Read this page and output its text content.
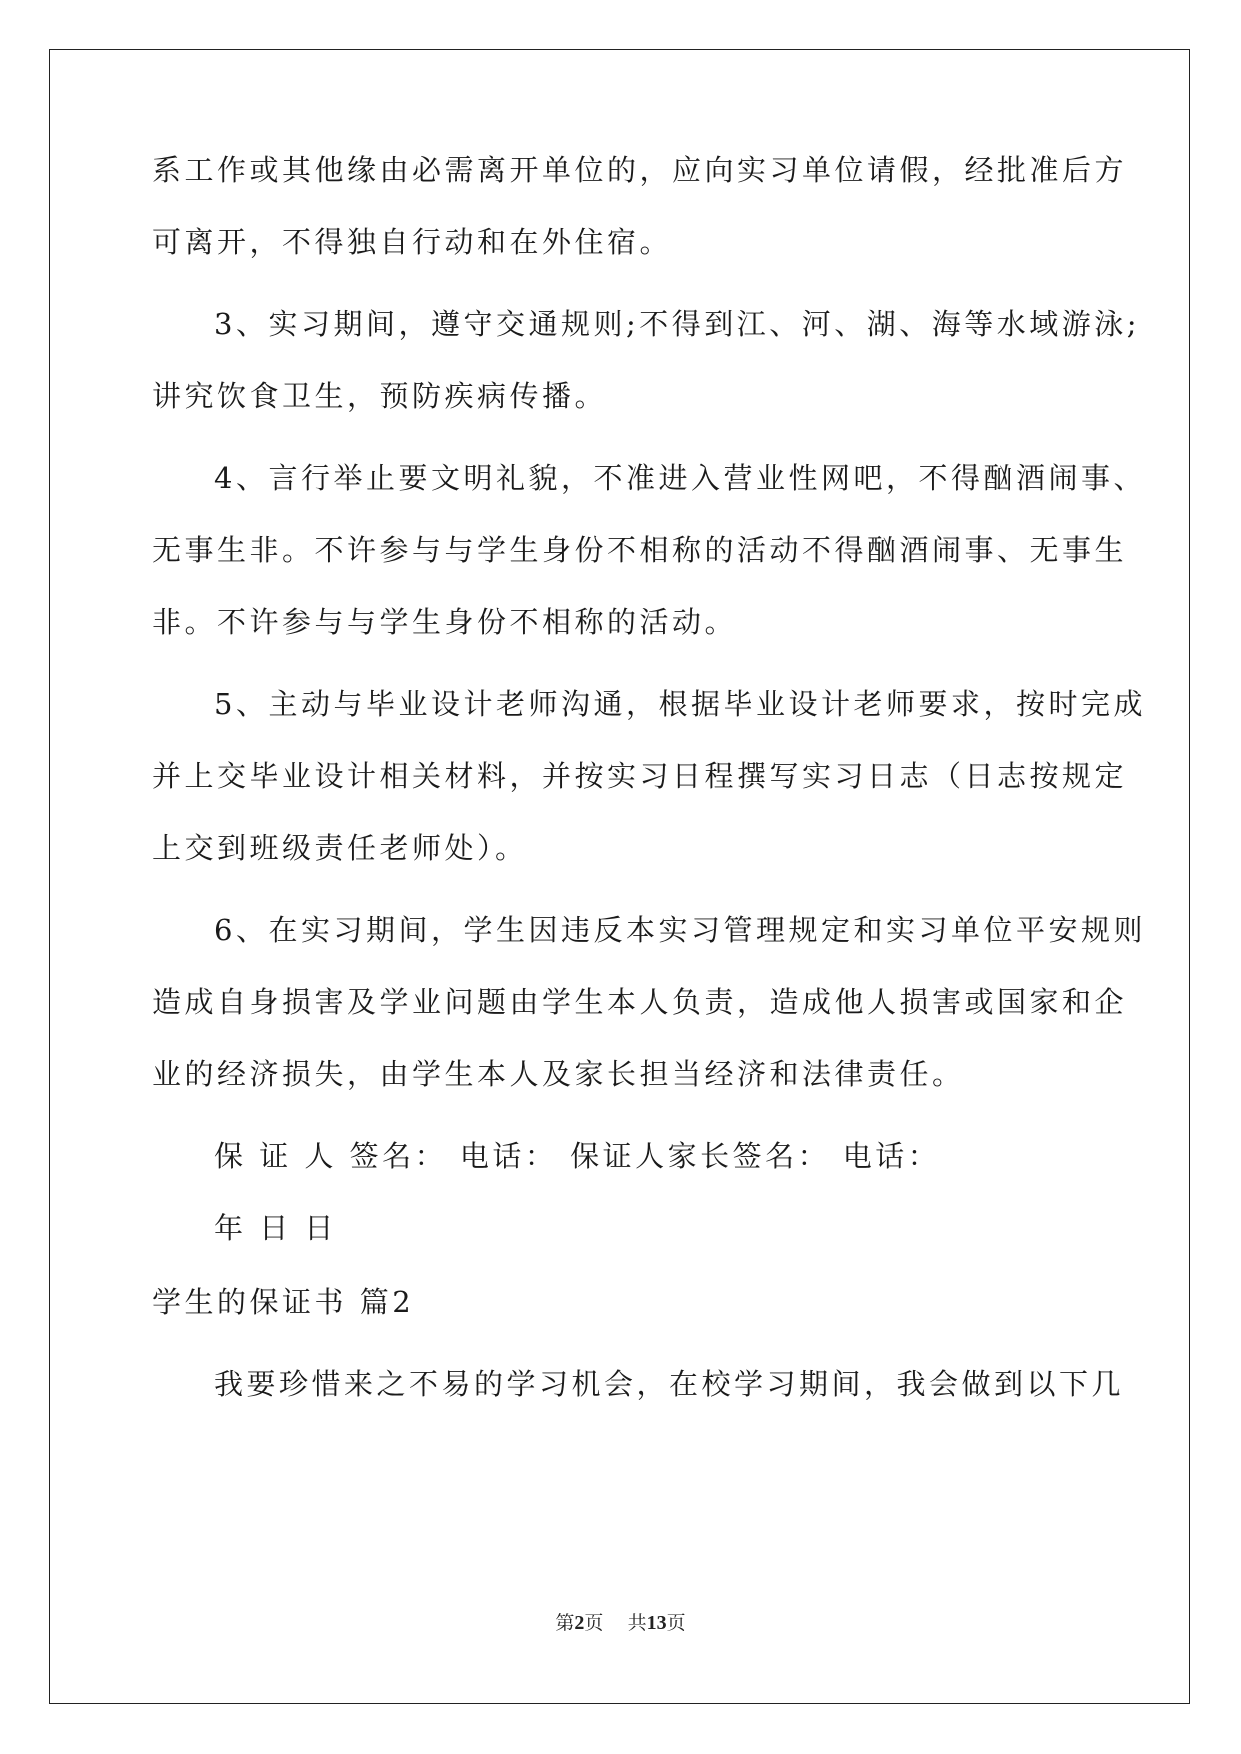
系工作或其他缘由必需离开单位的，应向实习单位请假，经批准后方
可离开，不得独自行动和在外住宿。
3、实习期间，遵守交通规则;不得到江、河、湖、海等水域游泳;
讲究饮食卫生，预防疾病传播。
4、言行举止要文明礼貌，不准进入营业性网吧，不得酗酒闹事、
无事生非。不许参与与学生身份不相称的活动不得酗酒闹事、无事生
非。不许参与与学生身份不相称的活动。
5、主动与毕业设计老师沟通，根据毕业设计老师要求，按时完成
并上交毕业设计相关材料，并按实习日程撰写实习日志（日志按规定
上交到班级责任老师处）。
6、在实习期间，学生因违反本实习管理规定和实习单位平安规则
造成自身损害及学业问题由学生本人负责，造成他人损害或国家和企
业的经济损失，由学生本人及家长担当经济和法律责任。
保 证 人 签名： 电话： 保证人家长签名： 电话：
年 日 日
学生的保证书 篇2
我要珍惜来之不易的学习机会，在校学习期间，我会做到以下几
第2页 共13页
